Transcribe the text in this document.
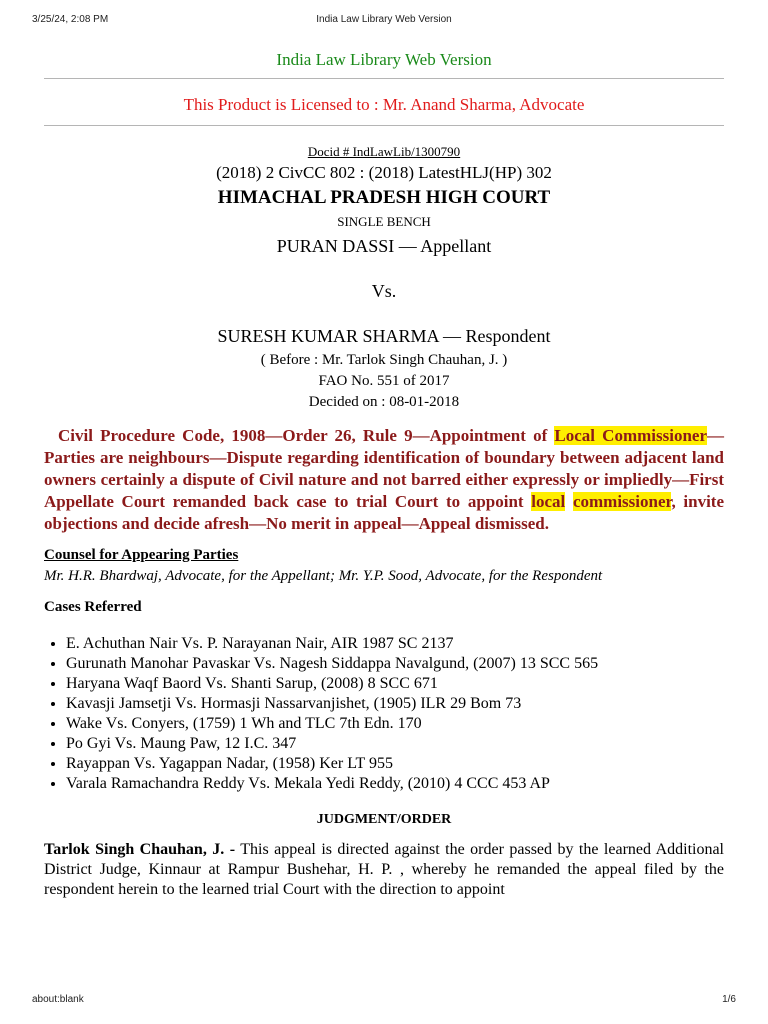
3/25/24, 2:08 PM	India Law Library Web Version
India Law Library Web Version
This Product is Licensed to : Mr. Anand Sharma, Advocate
Docid # IndLawLib/1300790
(2018) 2 CivCC 802 : (2018) LatestHLJ(HP) 302
HIMACHAL PRADESH HIGH COURT
SINGLE BENCH
PURAN DASSI — Appellant
Vs.
SURESH KUMAR SHARMA — Respondent
( Before : Mr. Tarlok Singh Chauhan, J. )
FAO No. 551 of 2017
Decided on : 08-01-2018
Civil Procedure Code, 1908—Order 26, Rule 9—Appointment of Local Commissioner—Parties are neighbours—Dispute regarding identification of boundary between adjacent land owners certainly a dispute of Civil nature and not barred either expressly or impliedly—First Appellate Court remanded back case to trial Court to appoint local commissioner, invite objections and decide afresh—No merit in appeal—Appeal dismissed.
Counsel for Appearing Parties
Mr. H.R. Bhardwaj, Advocate, for the Appellant; Mr. Y.P. Sood, Advocate, for the Respondent
Cases Referred
• E. Achuthan Nair Vs. P. Narayanan Nair, AIR 1987 SC 2137
• Gurunath Manohar Pavaskar Vs. Nagesh Siddappa Navalgund, (2007) 13 SCC 565
• Haryana Waqf Baord Vs. Shanti Sarup, (2008) 8 SCC 671
• Kavasji Jamsetji Vs. Hormasji Nassarvanjishet, (1905) ILR 29 Bom 73
• Wake Vs. Conyers, (1759) 1 Wh and TLC 7th Edn. 170
• Po Gyi Vs. Maung Paw, 12 I.C. 347
• Rayappan Vs. Yagappan Nadar, (1958) Ker LT 955
• Varala Ramachandra Reddy Vs. Mekala Yedi Reddy, (2010) 4 CCC 453 AP
JUDGMENT/ORDER
Tarlok Singh Chauhan, J. - This appeal is directed against the order passed by the learned Additional District Judge, Kinnaur at Rampur Bushehar, H. P. , whereby he remanded the appeal filed by the respondent herein to the learned trial Court with the direction to appoint
about:blank	1/6
